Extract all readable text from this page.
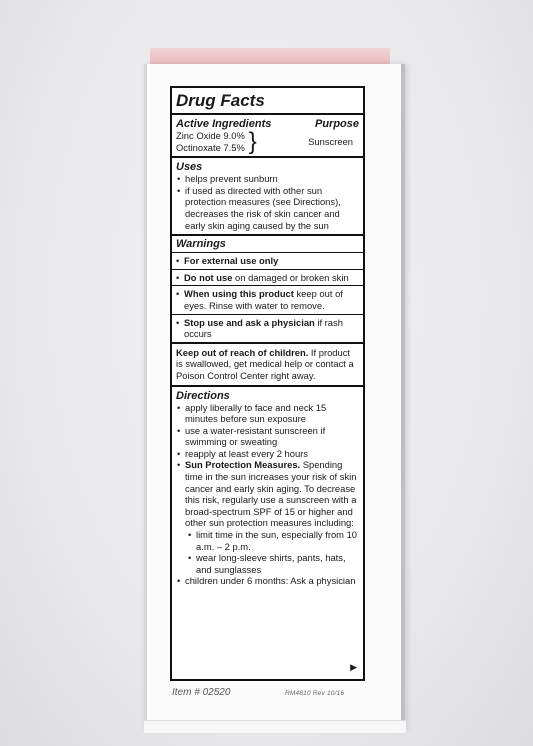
Drug Facts
Active Ingredients	Purpose
Zinc Oxide 9.0%
Octinoxate 7.5% }	Sunscreen
Uses
• helps prevent sunburn
• if used as directed with other sun protection measures (see Directions), decreases the risk of skin cancer and early skin aging caused by the sun
Warnings
• For external use only
• Do not use on damaged or broken skin
• When using this product keep out of eyes. Rinse with water to remove.
• Stop use and ask a physician if rash occurs
Keep out of reach of children. If product is swallowed, get medical help or contact a Poison Control Center right away.
Directions
• apply liberally to face and neck 15 minutes before sun exposure
• use a water-resistant sunscreen if swimming or sweating
• reapply at least every 2 hours
• Sun Protection Measures. Spending time in the sun increases your risk of skin cancer and early skin aging. To decrease this risk, regularly use a sunscreen with a broad-spectrum SPF of 15 or higher and other sun protection measures including:
• limit time in the sun, especially from 10 a.m. – 2 p.m.
• wear long-sleeve shirts, pants, hats, and sunglasses
• children under 6 months: Ask a physician
▶
Item # 02520	RM4810 Rev 10/16
